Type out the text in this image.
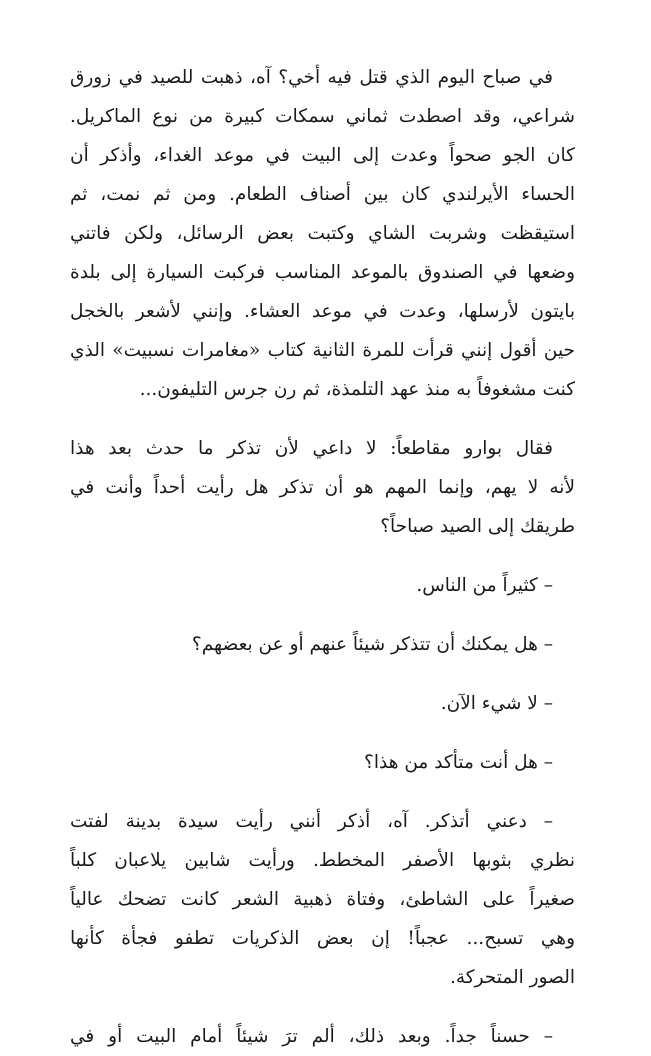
في صباح اليوم الذي قتل فيه أخي؟ آه، ذهبت للصيد في زورق
شراعي، وقد اصطدت ثماني سمكات كبيرة من نوع الماكريل.
كان الجو صحواً وعدت إلى البيت في موعد الغداء، وأذكر أن
الحساء الأيرلندي كان بين أصناف الطعام. ومن ثم نمت، ثم
استيقظت وشربت الشاي وكتبت بعض الرسائل، ولكن فاتني
وضعها في الصندوق بالموعد المناسب فركبت السيارة إلى بلدة
بايتون لأرسلها، وعدت في موعد العشاء. وإنني لأشعر بالخجل
حين أقول إنني قرأت للمرة الثانية كتاب «مغامرات نسبيت» الذي
كنت مشغوفاً به منذ عهد التلمذة، ثم رن جرس التليفون...

فقال بوارو مقاطعاً: لا داعي لأن تذكر ما حدث بعد هذا
لأنه لا يهم، وإنما المهم هو أن تذكر هل رأيت أحداً وأنت في
طريقك إلى الصيد صباحاً؟

– كثيراً من الناس.

– هل يمكنك أن تتذكر شيئاً عنهم أو عن بعضهم؟

– لا شيء الآن.

– هل أنت متأكد من هذا؟

– دعني أتذكر. آه، أذكر أنني رأيت سيدة بدينة لفتت
نظري بثوبها الأصفر المخطط. ورأيت شابين يلاعبان كلباً
صغيراً على الشاطئ، وفتاة ذهبية الشعر كانت تضحك عالياً
وهي تسبح... عجباً! إن بعض الذكريات تطفو فجأة كأنها
الصور المتحركة.

– حسناً جداً. وبعد ذلك، ألم ترَ شيئاً أمام البيت أو في
